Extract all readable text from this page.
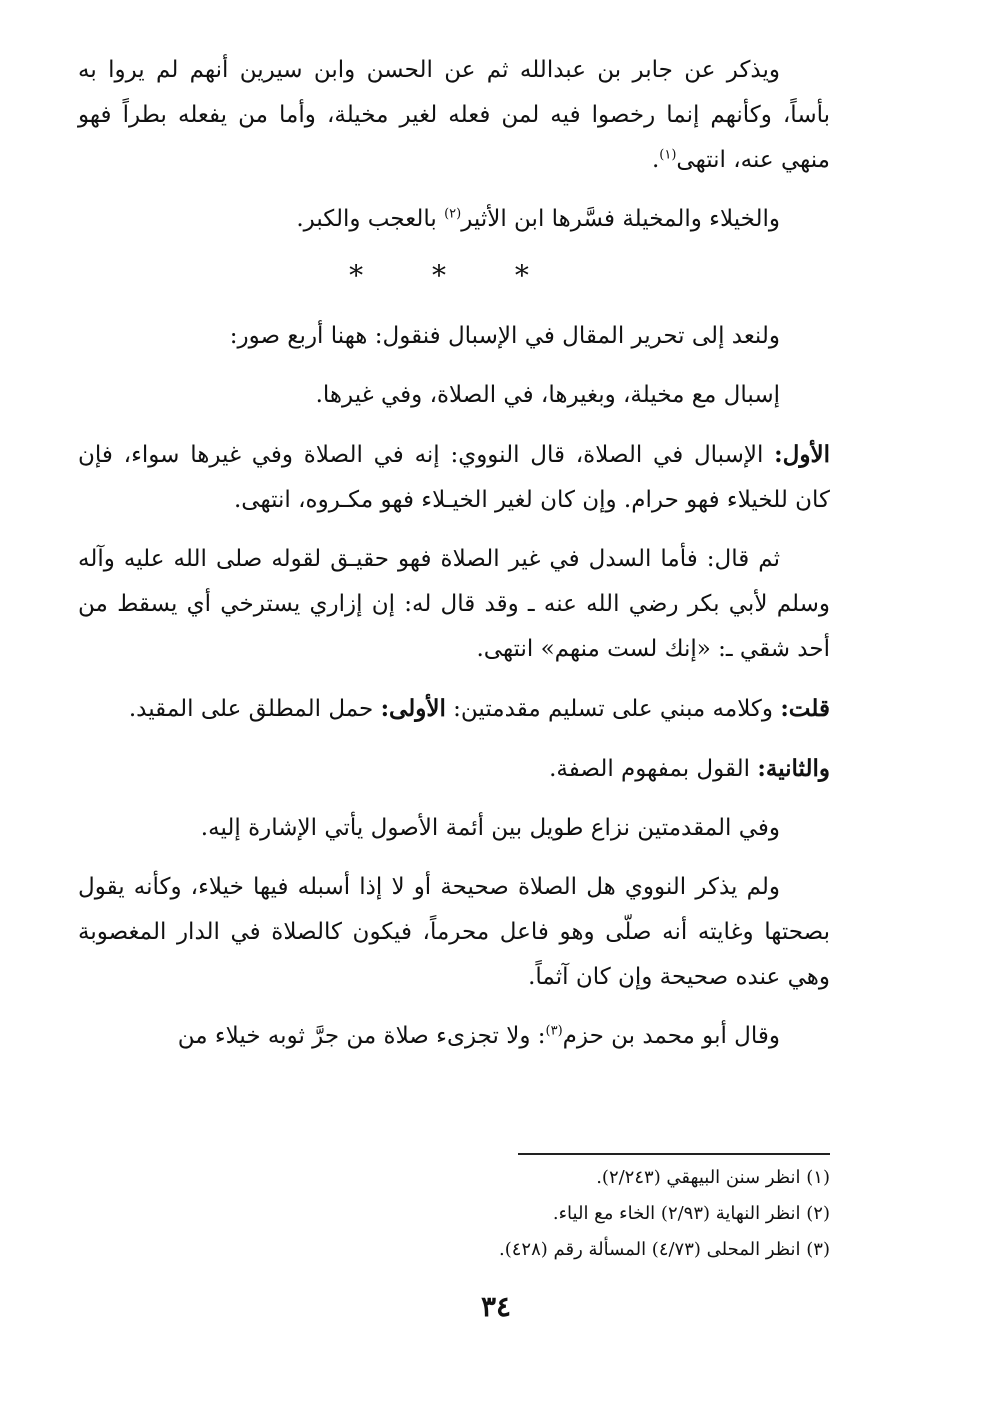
ويذكر عن جابر بن عبدالله ثم عن الحسن وابن سيرين أنهم لم يروا به بأساً، وكأنهم إنما رخصوا فيه لمن فعله لغير مخيلة، وأما من يفعله بطراً فهو منهي عنه، انتهى$^{(١)}$.

والخيلاء والمخيلة فسَّرها ابن الأثير$^{(٢)}$ بالعجب والكبر.

* * *

ولنعد إلى تحرير المقال في الإسبال فنقول: ههنا أربع صور:

إسبال مع مخيلة، وبغيرها، في الصلاة، وفي غيرها.

الأول: الإسبال في الصلاة، قال النووي: إنه في الصلاة وفي غيرها سواء، فإن كان للخيلاء فهو حرام. وإن كان لغير الخيـلاء فهو مكـروه، انتهى.

ثم قال: فأما السدل في غير الصلاة فهو حقيـق لقوله صلى الله عليه وآله وسلم لأبي بكر رضي الله عنه ـ وقد قال له: إن إزاري يسترخي أي يسقط من أحد شقي ـ: «إنك لست منهم» انتهى.

قلت: وكلامه مبني على تسليم مقدمتين: الأولى: حمل المطلق على المقيد.

والثانية: القول بمفهوم الصفة.

وفي المقدمتين نزاع طويل بين أئمة الأصول يأتي الإشارة إليه.

ولم يذكر النووي هل الصلاة صحيحة أو لا إذا أسبله فيها خيلاء، وكأنه يقول بصحتها وغايته أنه صلّى وهو فاعل محرماً، فيكون كالصلاة في الدار المغصوبة وهي عنده صحيحة وإن كان آثماً.

وقال أبو محمد بن حزم$^{(٣)}$: ولا تجزىء صلاة من جرَّ ثوبه خيلاء من

(١) انظر سنن البيهقي (٢/٢٤٣).

(٢) انظر النهاية (٢/٩٣) الخاء مع الياء.

(٣) انظر المحلى (٤/٧٣) المسألة رقم (٤٢٨).

٣٤
